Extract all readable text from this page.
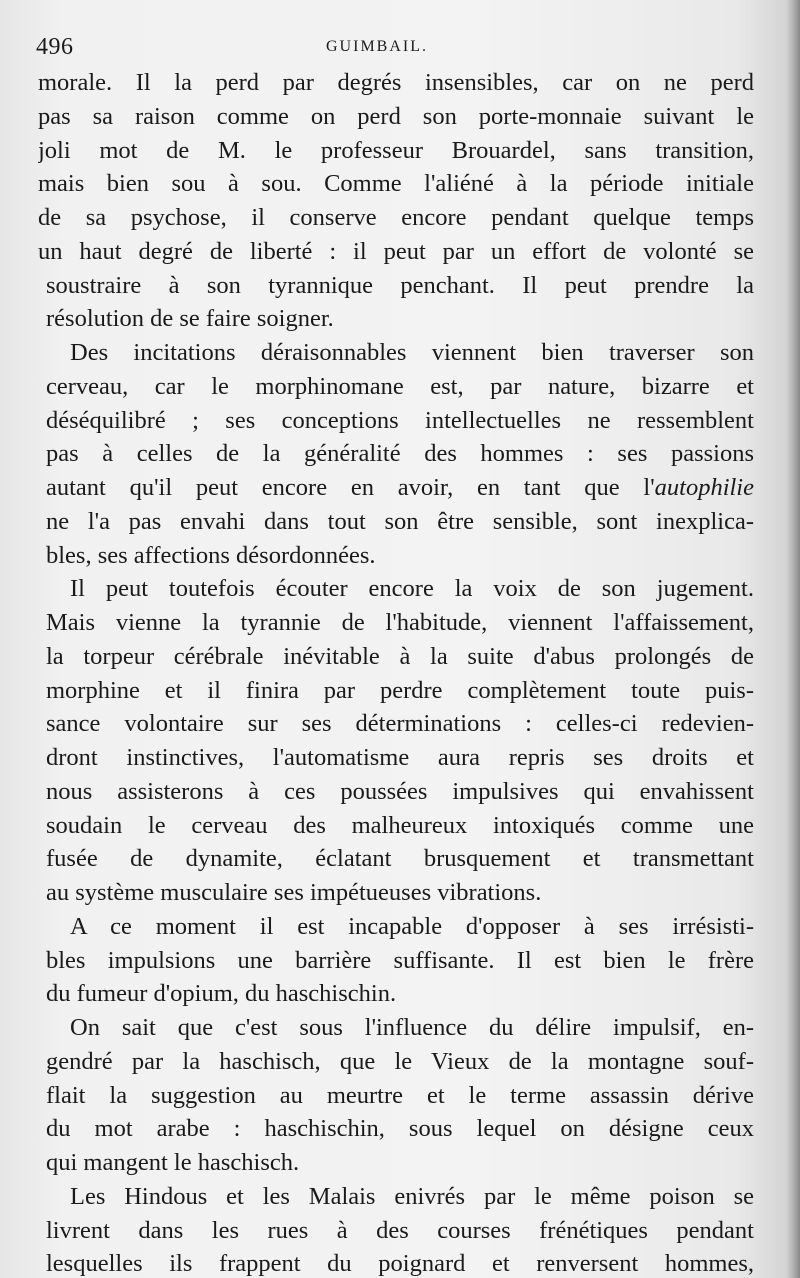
496	GUIMBAIL.
morale. Il la perd par degrés insensibles, car on ne perd
pas sa raison comme on perd son porte-monnaie suivant le
joli mot de M. le professeur Brouardel, sans transition,
mais bien sou à sou. Comme l'aliéné à la période initiale
de sa psychose, il conserve encore pendant quelque temps
un haut degré de liberté : il peut par un effort de volonté se
soustraire à son tyrannique penchant. Il peut prendre la
résolution de se faire soigner.
Des incitations déraisonnables viennent bien traverser son
cerveau, car le morphinomane est, par nature, bizarre et
déséquilibré ; ses conceptions intellectuelles ne ressemblent
pas à celles de la généralité des hommes : ses passions
autant qu'il peut encore en avoir, en tant que l'autophilie
ne l'a pas envahi dans tout son être sensible, sont inexplica-
bles, ses affections désordonnées.
Il peut toutefois écouter encore la voix de son jugement.
Mais vienne la tyrannie de l'habitude, viennent l'affaissement,
la torpeur cérébrale inévitable à la suite d'abus prolongés de
morphine et il finira par perdre complètement toute puis-
sance volontaire sur ses déterminations : celles-ci redevien-
dront instinctives, l'automatisme aura repris ses droits et
nous assisterons à ces poussées impulsives qui envahissent
soudain le cerveau des malheureux intoxiqués comme une
fusée de dynamite, éclatant brusquement et transmettant
au système musculaire ses impétueuses vibrations.
A ce moment il est incapable d'opposer à ses irrésisti-
bles impulsions une barrière suffisante. Il est bien le frère
du fumeur d'opium, du haschischin.
On sait que c'est sous l'influence du délire impulsif, en-
gendré par la haschisch, que le Vieux de la montagne souf-
flait la suggestion au meurtre et le terme assassin dérive
du mot arabe : haschischin, sous lequel on désigne ceux
qui mangent le haschisch.
Les Hindous et les Malais enivrés par le même poison se
livrent dans les rues à des courses frénétiques pendant
lesquelles ils frappent du poignard et renversent hommes,
